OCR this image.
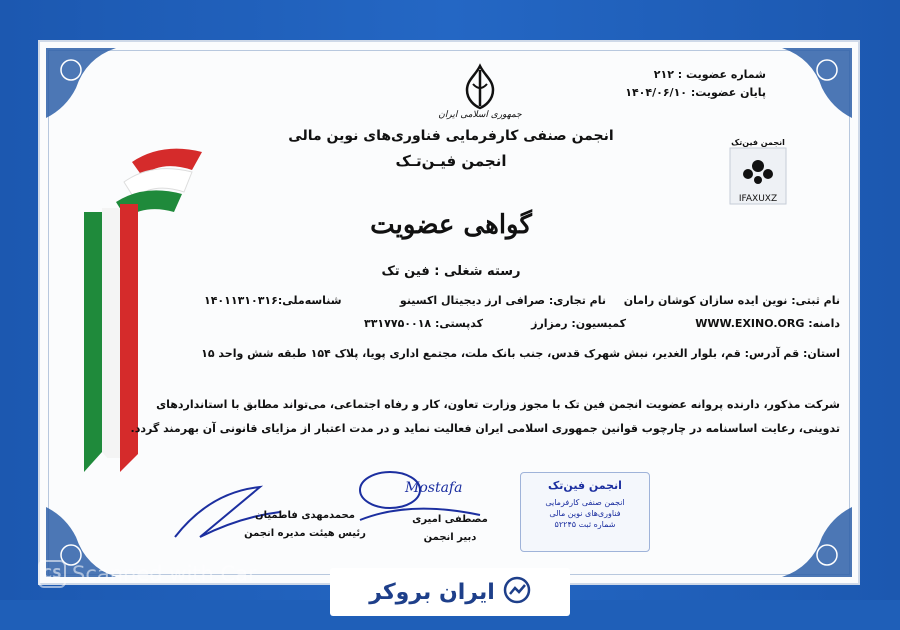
شماره عضویت : ۲۱۲
پایان عضویت: ۱۴۰۴/۰۶/۱۰
جمهوری اسلامی ایران
انجمن صنفی کارفرمایی فناوری‌های نوین مالی
انجمن فیـن‌تـک
انجمن فین‌تک
IFAXUXZ
گواهی عضویت
رسته شغلی : فین تک
نام ثبتی: نوین ایده سازان کوشان رامان
نام تجاری: صرافی ارز دیجیتال اکسینو
شناسه‌ملی:۱۴۰۱۱۳۱۰۳۱۶
دامنه: WWW.EXINO.ORG
کمیسیون: رمزارز
کدپستی: ۳۳۱۷۷۵۰۰۱۸
استان: قم
آدرس: قم، بلوار الغدیر، نبش شهرک قدس، جنب بانک ملت، مجتمع اداری پویا، پلاک ۱۵۴ طبقه شش واحد ۱۵
شرکت مذکور، دارنده پروانه عضویت انجمن فین تک با مجوز وزارت تعاون، کار و رفاه اجتماعی، می‌تواند مطابق با استانداردهای
تدوینی، رعایت اساسنامه در چارچوب قوانین جمهوری اسلامی ایران فعالیت نماید و در مدت اعتبار از مزایای قانونی آن بهرمند گردد.
محمدمهدی فاطمیان
رئیس هیئت مدیره انجمن
Mostafa
مصطفی امیری
دبیر انجمن
انجمن فین‌تک
انجمن صنفی کارفرمایی
فناوری‌های نوین مالی
شماره ثبت ۵۲۲۴۵
CS Scanned with Car
ایران بروکر
